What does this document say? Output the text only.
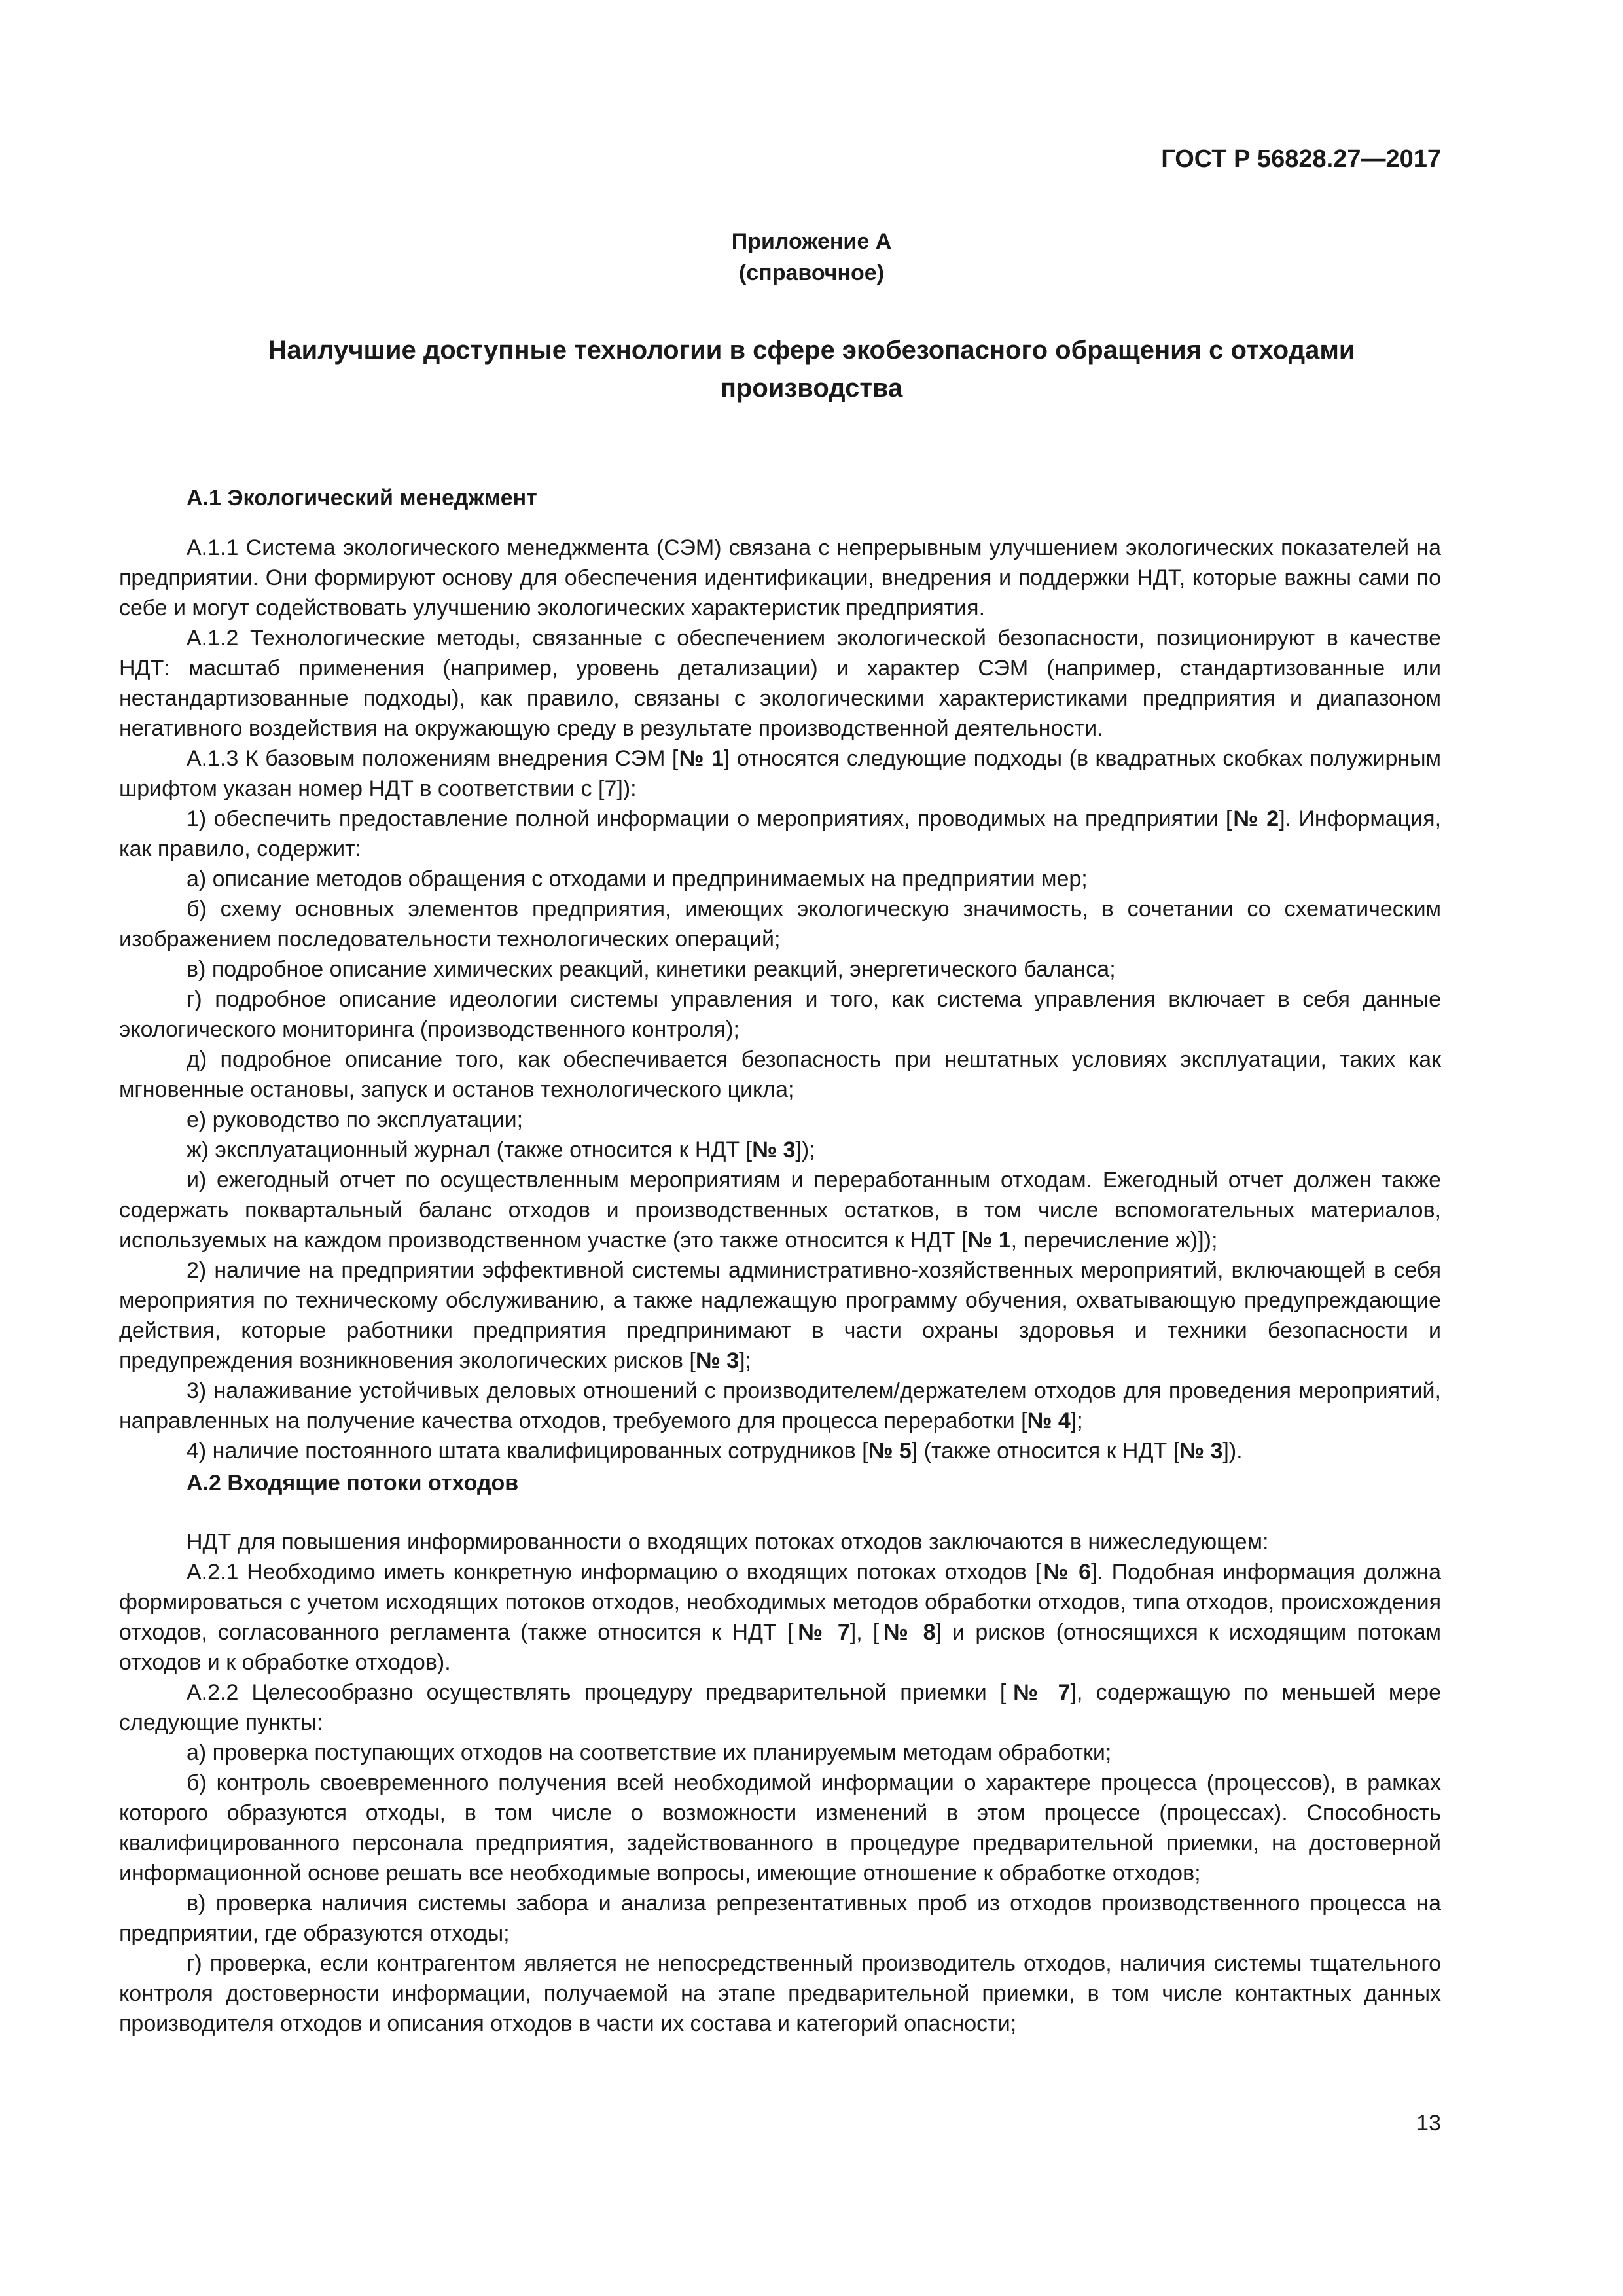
ГОСТ Р 56828.27—2017
Приложение А
(справочное)
Наилучшие доступные технологии в сфере экобезопасного обращения с отходами
производства
А.1 Экологический менеджмент

А.1.1 Система экологического менеджмента (СЭМ) связана с непрерывным улучшением экологических показателей на предприятии. Они формируют основу для обеспечения идентификации, внедрения и поддержки НДТ, которые важны сами по себе и могут содействовать улучшению экологических характеристик предприятия.

А.1.2 Технологические методы, связанные с обеспечением экологической безопасности, позиционируют в качестве НДТ: масштаб применения (например, уровень детализации) и характер СЭМ (например, стандартизованные или нестандартизованные подходы), как правило, связаны с экологическими характеристиками предприятия и диапазоном негативного воздействия на окружающую среду в результате производственной деятельности.

А.1.3 К базовым положениям внедрения СЭМ [№ 1] относятся следующие подходы (в квадратных скобках полужирным шрифтом указан номер НДТ в соответствии с [7]):

1) обеспечить предоставление полной информации о мероприятиях, проводимых на предприятии [№ 2]. Информация, как правило, содержит:

а) описание методов обращения с отходами и предпринимаемых на предприятии мер;

б) схему основных элементов предприятия, имеющих экологическую значимость, в сочетании со схематическим изображением последовательности технологических операций;

в) подробное описание химических реакций, кинетики реакций, энергетического баланса;

г) подробное описание идеологии системы управления и того, как система управления включает в себя данные экологического мониторинга (производственного контроля);

д) подробное описание того, как обеспечивается безопасность при нештатных условиях эксплуатации, таких как мгновенные остановы, запуск и останов технологического цикла;

е) руководство по эксплуатации;

ж) эксплуатационный журнал (также относится к НДТ [№ 3]);

и) ежегодный отчет по осуществленным мероприятиям и переработанным отходам. Ежегодный отчет должен также содержать поквартальный баланс отходов и производственных остатков, в том числе вспомогательных материалов, используемых на каждом производственном участке (это также относится к НДТ [№ 1, перечисление ж)]);

2) наличие на предприятии эффективной системы административно-хозяйственных мероприятий, включающей в себя мероприятия по техническому обслуживанию, а также надлежащую программу обучения, охватывающую предупреждающие действия, которые работники предприятия предпринимают в части охраны здоровья и техники безопасности и предупреждения возникновения экологических рисков [№ 3];

3) налаживание устойчивых деловых отношений с производителем/держателем отходов для проведения мероприятий, направленных на получение качества отходов, требуемого для процесса переработки [№ 4];

4) наличие постоянного штата квалифицированных сотрудников [№ 5] (также относится к НДТ [№ 3]).

А.2 Входящие потоки отходов

НДТ для повышения информированности о входящих потоках отходов заключаются в нижеследующем:

А.2.1 Необходимо иметь конкретную информацию о входящих потоках отходов [№ 6]. Подобная информация должна формироваться с учетом исходящих потоков отходов, необходимых методов обработки отходов, типа отходов, происхождения отходов, согласованного регламента (также относится к НДТ [№ 7], [№ 8] и рисков (относящихся к исходящим потокам отходов и к обработке отходов).

А.2.2 Целесообразно осуществлять процедуру предварительной приемки [№ 7], содержащую по меньшей мере следующие пункты:

а) проверка поступающих отходов на соответствие их планируемым методам обработки;

б) контроль своевременного получения всей необходимой информации о характере процесса (процессов), в рамках которого образуются отходы, в том числе о возможности изменений в этом процессе (процессах). Способность квалифицированного персонала предприятия, задействованного в процедуре предварительной приемки, на достоверной информационной основе решать все необходимые вопросы, имеющие отношение к обработке отходов;

в) проверка наличия системы забора и анализа репрезентативных проб из отходов производственного процесса на предприятии, где образуются отходы;

г) проверка, если контрагентом является не непосредственный производитель отходов, наличия системы тщательного контроля достоверности информации, получаемой на этапе предварительной приемки, в том числе контактных данных производителя отходов и описания отходов в части их состава и категорий опасности;

13
